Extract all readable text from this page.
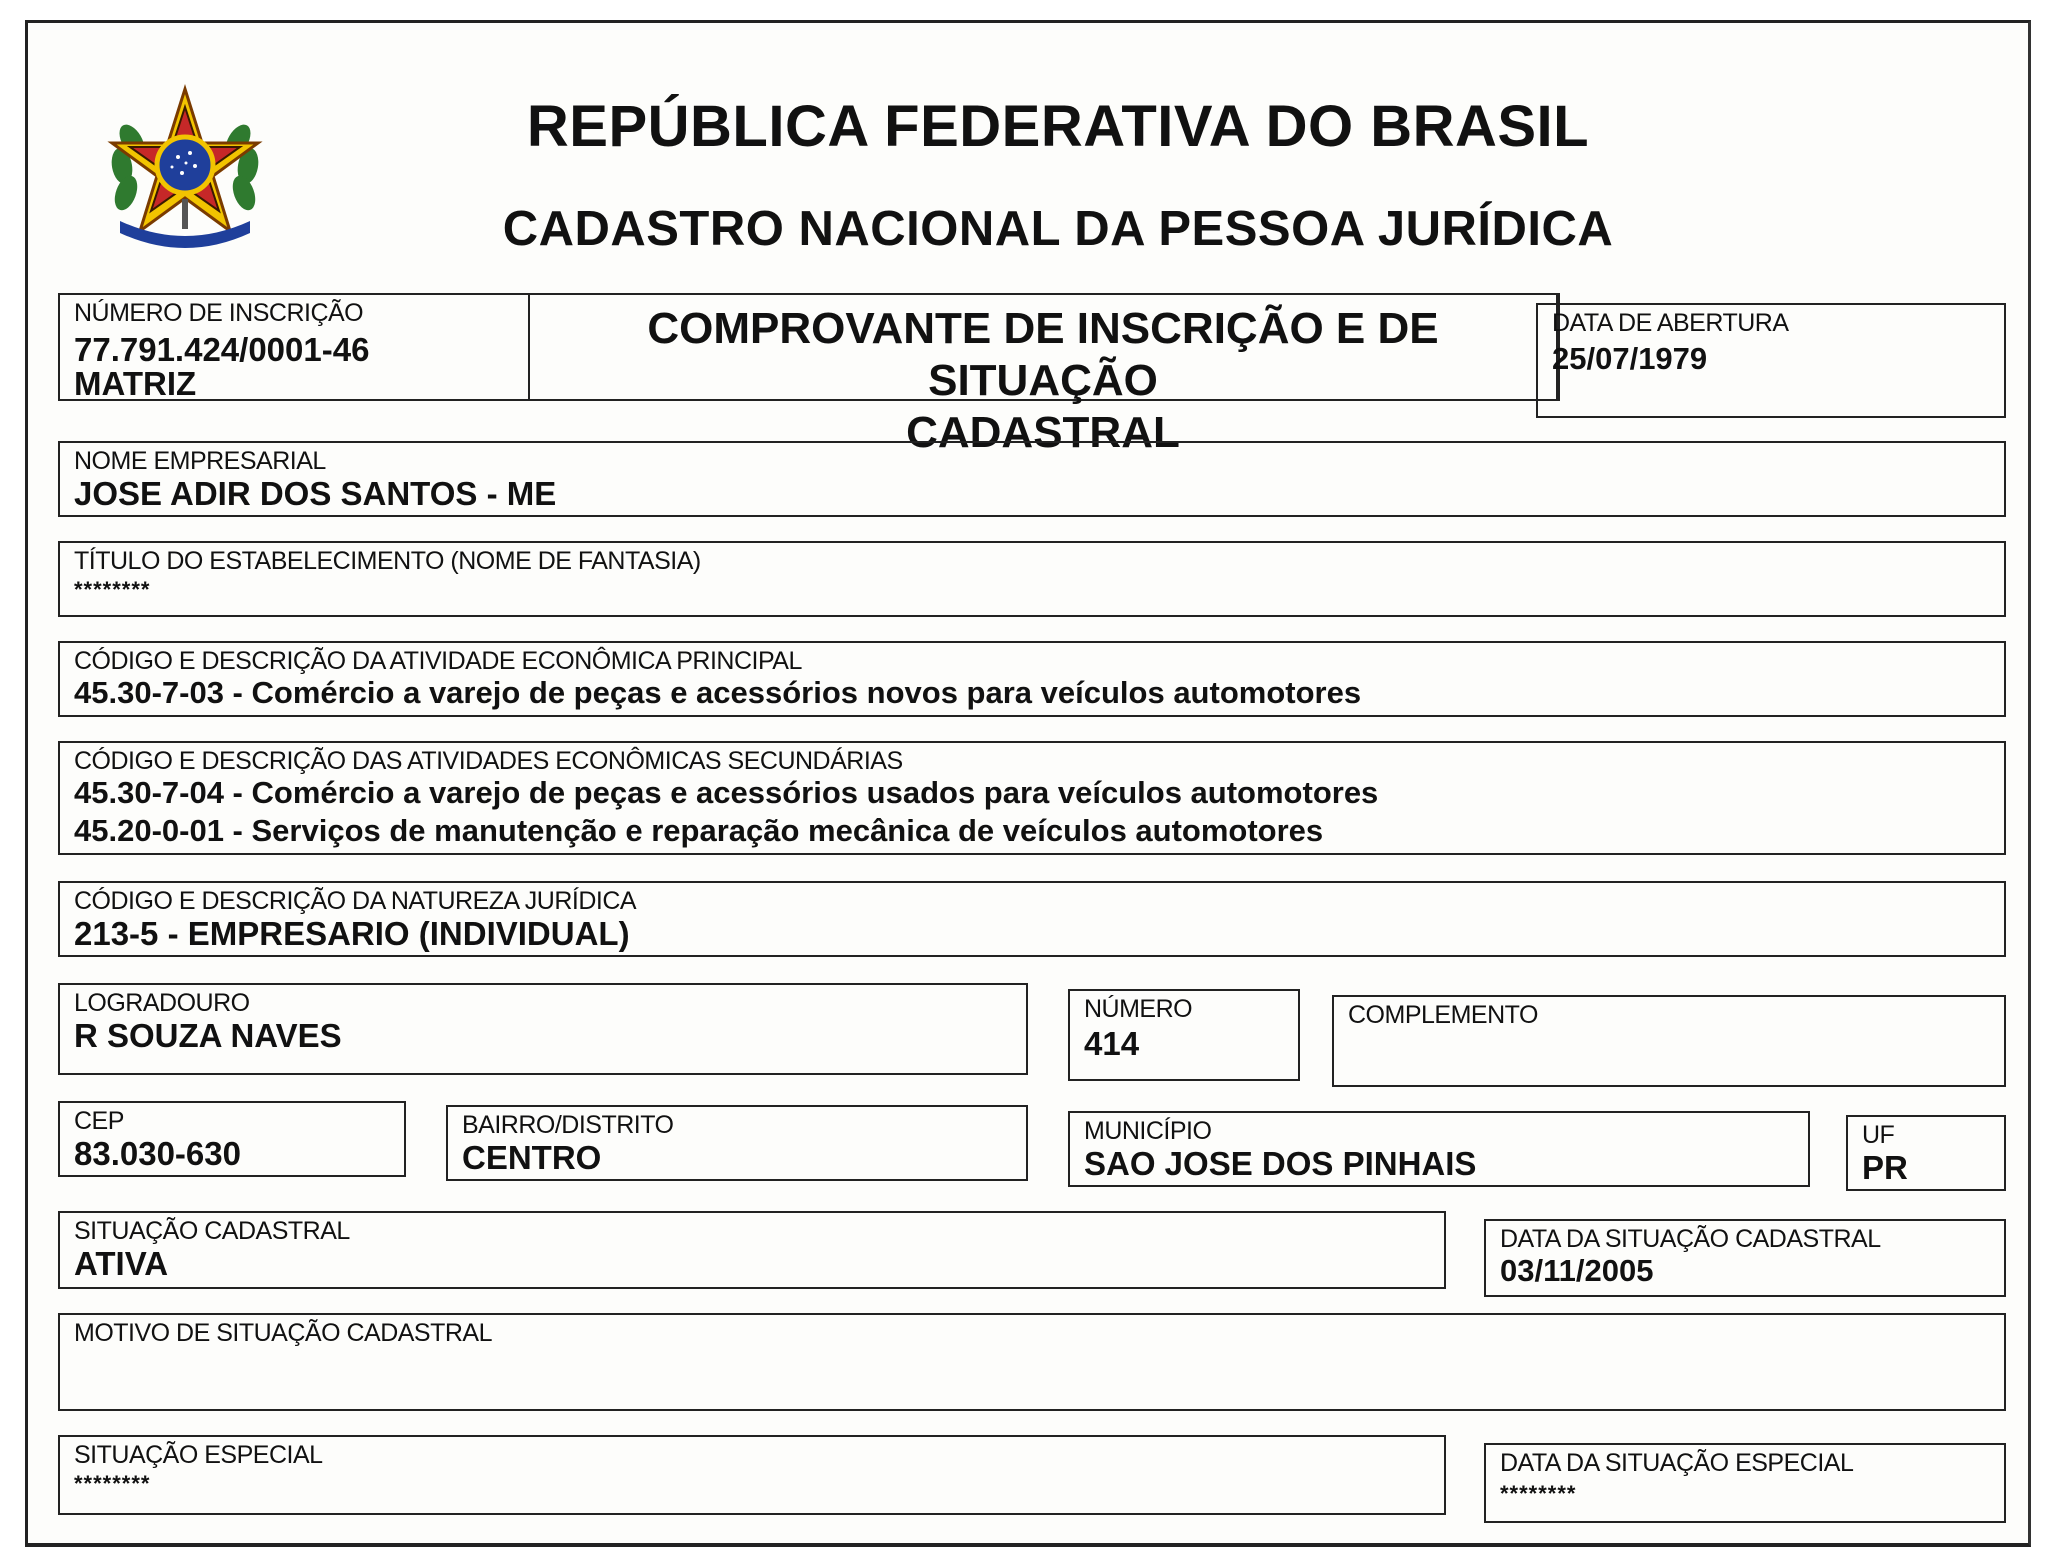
REPÚBLICA FEDERATIVA DO BRASIL
CADASTRO NACIONAL DA PESSOA JURÍDICA
NÚMERO DE INSCRIÇÃO
77.791.424/0001-46
MATRIZ
COMPROVANTE DE INSCRIÇÃO E DE SITUAÇÃO
CADASTRAL
DATA DE ABERTURA
25/07/1979
NOME EMPRESARIAL
JOSE ADIR DOS SANTOS - ME
TÍTULO DO ESTABELECIMENTO (NOME DE FANTASIA)
********
CÓDIGO E DESCRIÇÃO DA ATIVIDADE ECONÔMICA PRINCIPAL
45.30-7-03 - Comércio a varejo de peças e acessórios novos para veículos automotores
CÓDIGO E DESCRIÇÃO DAS ATIVIDADES ECONÔMICAS SECUNDÁRIAS
45.30-7-04 - Comércio a varejo de peças e acessórios usados para veículos automotores
45.20-0-01 - Serviços de manutenção e reparação mecânica de veículos automotores
CÓDIGO E DESCRIÇÃO DA NATUREZA JURÍDICA
213-5 - EMPRESARIO (INDIVIDUAL)
LOGRADOURO
R SOUZA NAVES
NÚMERO
414
COMPLEMENTO
CEP
83.030-630
BAIRRO/DISTRITO
CENTRO
MUNICÍPIO
SAO JOSE DOS PINHAIS
UF
PR
SITUAÇÃO CADASTRAL
ATIVA
DATA DA SITUAÇÃO CADASTRAL
03/11/2005
MOTIVO DE SITUAÇÃO CADASTRAL
SITUAÇÃO ESPECIAL
********
DATA DA SITUAÇÃO ESPECIAL
********
